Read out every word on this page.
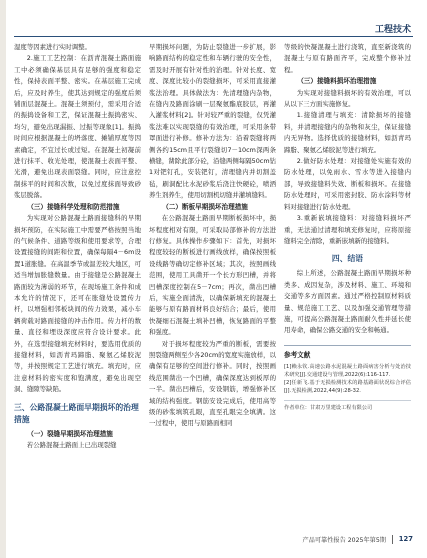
工程技术

湿度等因素进行实时调整。

2.施工工艺控制：在沥青混凝土路面施工中必须确保基层具有足够的强度和稳定性，保持表面平整、密实。在基层施工完成后，应及时养生，使其达到规定的强度后须铺面层混凝土。混凝土须预付，需采用合适的振捣设备和工艺，保证混凝土振捣密实、均匀，避免出现漏振、过振等现象[1]。振捣时间应根据混凝土的坍落度、摊铺厚度等因素确定，不宜过长或过短。在混凝土初凝前进行抹平、收光处理，使混凝土表面平整、光滑，避免出现表面裂缝。同时，应注意控制抹平的时间和次数，以免过度抹面导致砂浆层脱落。

（三）接缝科学处理和防范措施

为实现对公路混凝土路面接缝科的早期损坏预防，在实际施工中需要严格按照当地的气候条件、道路等级和使用要求等，合理设置接缝的间距和位置，确保每隔4－6m设置1道胀缝。在高温季节或温差较大地区，可适当增加胀缝数量。由于接缝是公路混凝土路面较为薄弱的环节，在现场施工条件和成本允许的情况下，还可在胀缝处设置传力杆，以增强相邻板块间的传力效果，减小车辆荷载对路面接缝的冲击作用。传力杆的数量、直径和埋设深度应符合设计要求。此外，在选型接缝填充材料时，要选用优质的接缝材料，如沥青玛蹄脂、聚氨乙烯胶泥等，并按照规定工艺进行填充。填充时，应注意材料的密实度和饱满度，避免出现空洞、缝隙等缺陷。

三、公路混凝土路面早期损坏的治理措施
（一）裂缝早期损坏治理措施

若公路混凝土路面上已出现裂缝

早期损坏问题，为防止裂缝进一步扩展，影响路面结构的稳定性和车辆行驶的安全性，需及时开展有针对性的治理。针对长度、宽度、深度比较小的裂缝损坏，可采用直接灌浆法治理。具体做法为：先清理缝内杂物，在缝内及路面涂刷一层聚氨酯底胶层，再灌入灌浆材料[2]。针对较严重的裂缝，仅凭灌浆法难以实现裂缝的有效治理，可采用条带罩面进行补修。修补方法为：沿着裂缝将两侧各约15cm且平行裂缝切7－10cm深两条横缝，凿除此部分砼，沿缝两侧每隔50cm钻1对钯钉孔，安装钯钉，清理缝内并切割盖毡，刷洞配比水泥砂浆后浇注快硬砼，喷洒养生剂养生，使用切割机切缝并灌填缝料。

（二）断板早期损坏治理措施

在公路混凝土路面早期断板损坏中，损坏程度相对有限，可采取局部修补的方法进行修复。具体操作步骤如下：首先，对损坏程度较轻的断板进行画线放样，确保按照板设线路等确切定修补区域；其次，按照画线范围，使用工具凿开一个长方形凹槽，并将凹槽深度控制在5－7cm；再次，凿出凹槽后，实施全面清洗，以确保新填充的混凝土能够与原有路面材料良好结合；最后，使用快凝细石混凝土填补凹槽，恢复路面的平整和强度。

对于损坏程度较为严重的断板，需要按照裂缝两侧至少各20cm的宽度实施放样，以确保有足够的空间进行修补。同时，按照画线范围凿出一个凹槽，确保深度达到板厚的一半。凿出凹槽后，安设钢筋，增强修补区域的结构强度。钢筋安设完成后，使用高等级的砂浆填筑孔眼，直至孔眼完全填满。这一过程中，使用与原路面相同

等级的快凝混凝土进行浇筑，直至新浇筑的混凝土与原有路面齐平，完成整个修补过程。

（三）接缝料损坏治理措施

为实现对接缝料损坏的有效治理，可以从以下三方面实施修复。

1.接缝清理与填充：清除损坏的接缝料，并清理接缝内的杂物和灰尘，保证接缝内无异物。选择优质的接缝材料，如沥青玛蹄脂、聚氨乙烯胶泥等进行填充。

2.做好防水处理：对接缝处实施有效的防水处理，以免雨水、雪水等进入接缝内部，导致接缝料失效、断板和损坏。在接缝防水处理时，可采用密封胶、防水涂料等材料对接缝进行防水处理。

3.重新嵌填接缝料：对接缝料损坏严重，无法通过清理和填充修复时，应将原接缝料完全清除，重新嵌填新的接缝料。

四、结语

综上所述，公路混凝土路面早期损坏种类多、成因复杂，涉及材料、施工、环境和交通等多方面因素。通过严格控制原材料质量、规范施工工艺、以及加强交通管理等措施，可提高公路混凝土路面耐久性并延长使用寿命，确保公路交通的安全和畅通。

参考文献
[1]赖永钦.高速公路水泥混凝土路面病害分析与处治技术研究[J].交通建设与管理,2022(6):116-117.
[2]任新飞.基于无损检测技术的路基路面状况综合评估[J].无损检测,2022,44(9):28-32.
作者单位：甘肃万里建设工程有限公司
产品可靠性报告 2025年第5期 127
